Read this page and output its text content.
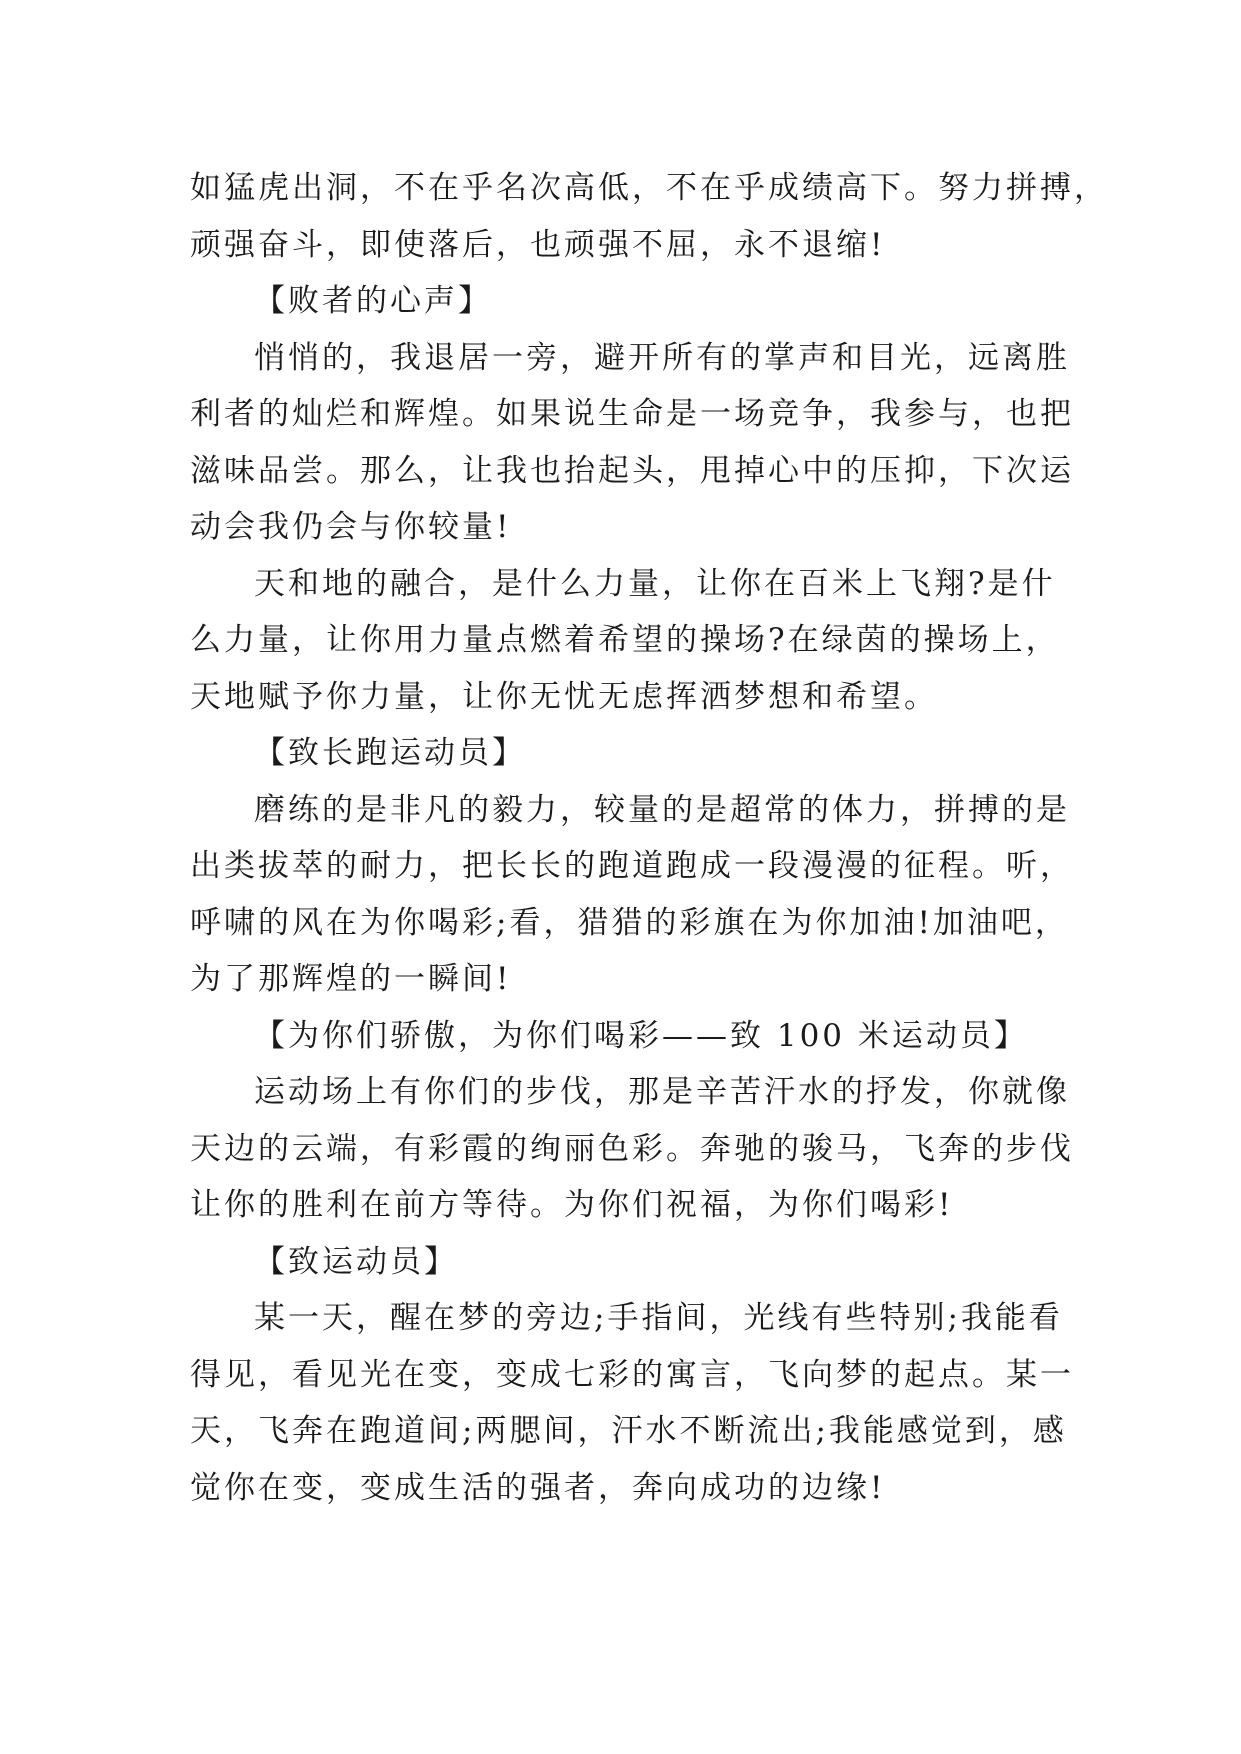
如猛虎出洞，不在乎名次高低，不在乎成绩高下。努力拼搏，
顽强奋斗，即使落后，也顽强不屈，永不退缩!
【败者的心声】
悄悄的，我退居一旁，避开所有的掌声和目光，远离胜
利者的灿烂和辉煌。如果说生命是一场竞争，我参与，也把
滋味品尝。那么，让我也抬起头，甩掉心中的压抑，下次运
动会我仍会与你较量!
天和地的融合，是什么力量，让你在百米上飞翔?是什
么力量，让你用力量点燃着希望的操场?在绿茵的操场上，
天地赋予你力量，让你无忧无虑挥洒梦想和希望。
【致长跑运动员】
磨练的是非凡的毅力，较量的是超常的体力，拼搏的是
出类拔萃的耐力，把长长的跑道跑成一段漫漫的征程。听，
呼啸的风在为你喝彩;看，猎猎的彩旗在为你加油!加油吧，
为了那辉煌的一瞬间!
【为你们骄傲，为你们喝彩——致 100 米运动员】
运动场上有你们的步伐，那是辛苦汗水的抒发，你就像
天边的云端，有彩霞的绚丽色彩。奔驰的骏马，飞奔的步伐
让你的胜利在前方等待。为你们祝福，为你们喝彩!
【致运动员】
某一天，醒在梦的旁边;手指间，光线有些特别;我能看
得见，看见光在变，变成七彩的寓言，飞向梦的起点。某一
天，飞奔在跑道间;两腮间，汗水不断流出;我能感觉到，感
觉你在变，变成生活的强者，奔向成功的边缘!
